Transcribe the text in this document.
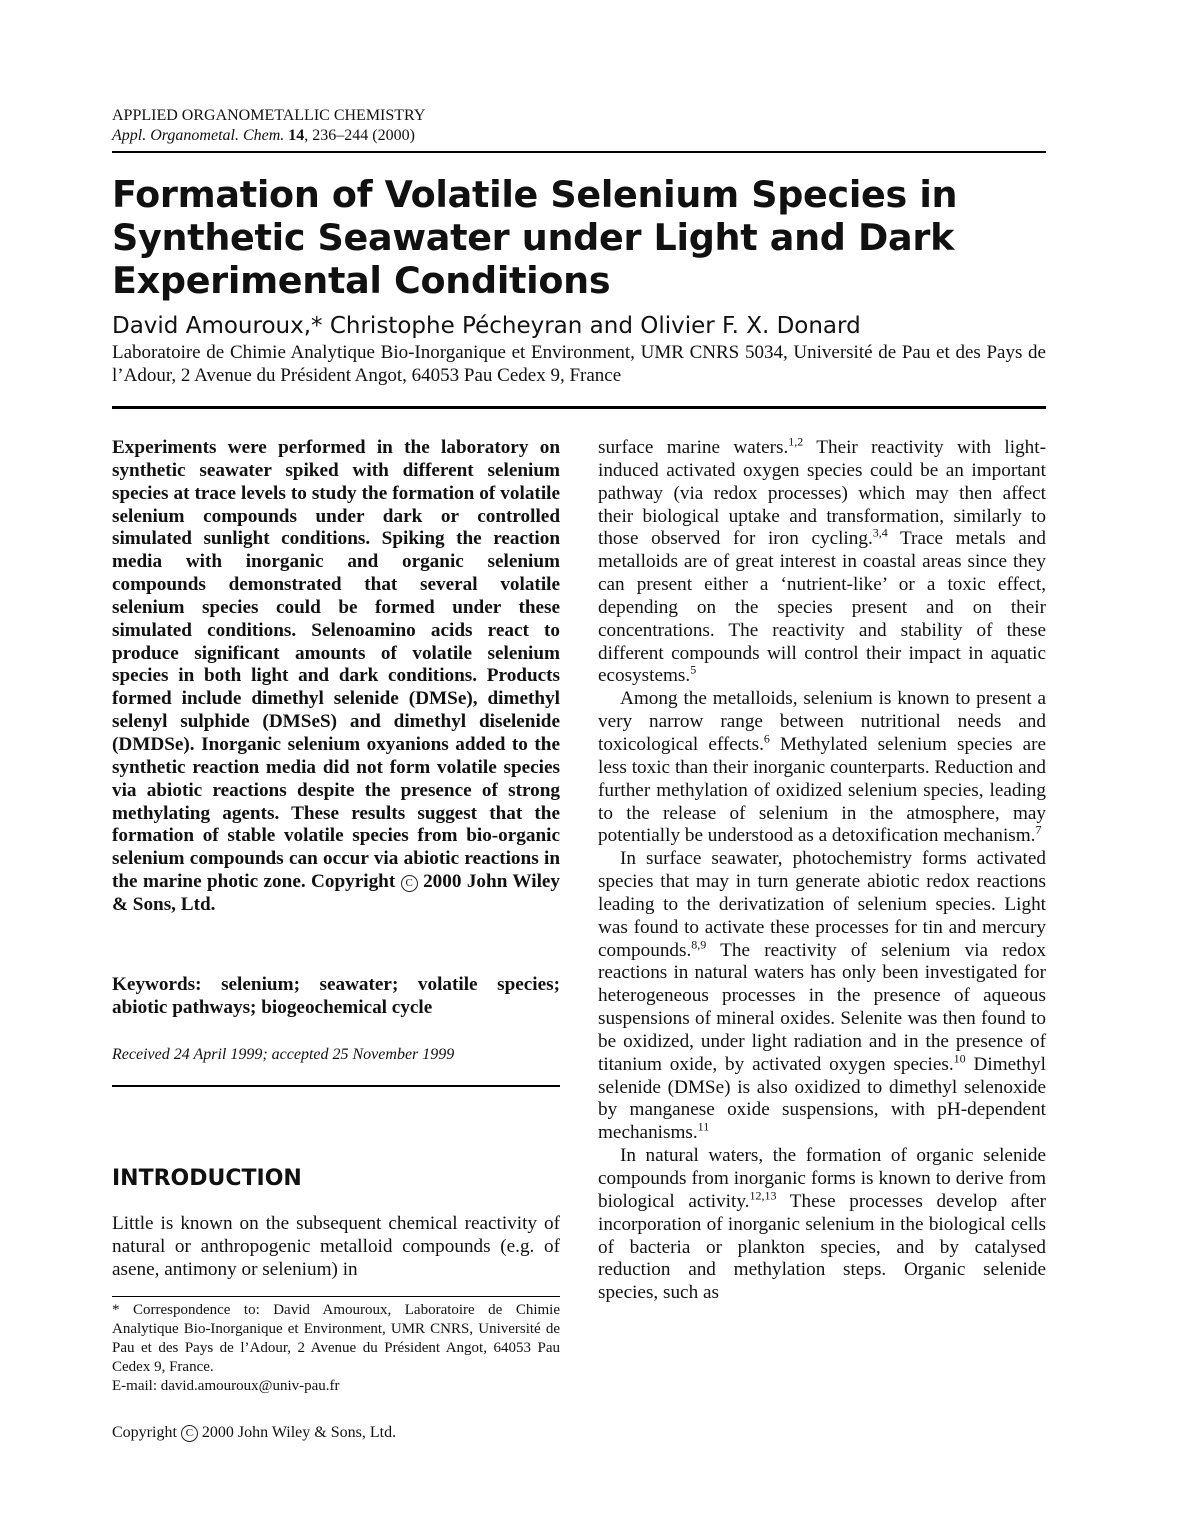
APPLIED ORGANOMETALLIC CHEMISTRY
Appl. Organometal. Chem. 14, 236–244 (2000)
Formation of Volatile Selenium Species in Synthetic Seawater under Light and Dark Experimental Conditions
David Amouroux,* Christophe Pécheyran and Olivier F. X. Donard
Laboratoire de Chimie Analytique Bio-Inorganique et Environment, UMR CNRS 5034, Université de Pau et des Pays de l’Adour, 2 Avenue du Président Angot, 64053 Pau Cedex 9, France
Experiments were performed in the laboratory on synthetic seawater spiked with different selenium species at trace levels to study the formation of volatile selenium compounds under dark or controlled simulated sunlight conditions. Spiking the reaction media with inorganic and organic selenium compounds demonstrated that several volatile selenium species could be formed under these simulated conditions. Selenoamino acids react to produce significant amounts of volatile selenium species in both light and dark conditions. Products formed include dimethyl selenide (DMSe), dimethyl selenyl sulphide (DMSeS) and dimethyl diselenide (DMDSe). Inorganic selenium oxyanions added to the synthetic reaction media did not form volatile species via abiotic reactions despite the presence of strong methylating agents. These results suggest that the formation of stable volatile species from bio-organic selenium compounds can occur via abiotic reactions in the marine photic zone. Copyright C 2000 John Wiley & Sons, Ltd.
Keywords: selenium; seawater; volatile species; abiotic pathways; biogeochemical cycle
Received 24 April 1999; accepted 25 November 1999
INTRODUCTION
Little is known on the subsequent chemical reactivity of natural or anthropogenic metalloid compounds (e.g. of asene, antimony or selenium) in
* Correspondence to: David Amouroux, Laboratoire de Chimie Analytique Bio-Inorganique et Environment, UMR CNRS, Université de Pau et des Pays de l’Adour, 2 Avenue du Président Angot, 64053 Pau Cedex 9, France.
E-mail: david.amouroux@univ-pau.fr
Copyright C 2000 John Wiley & Sons, Ltd.

surface marine waters.$^{1,2}$ Their reactivity with light-induced activated oxygen species could be an important pathway (via redox processes) which may then affect their biological uptake and transformation, similarly to those observed for iron cycling.$^{3,4}$ Trace metals and metalloids are of great interest in coastal areas since they can present either a ‘nutrient-like’ or a toxic effect, depending on the species present and on their concentrations. The reactivity and stability of these different compounds will control their impact in aquatic ecosystems.$^5$

Among the metalloids, selenium is known to present a very narrow range between nutritional needs and toxicological effects.$^6$ Methylated selenium species are less toxic than their inorganic counterparts. Reduction and further methylation of oxidized selenium species, leading to the release of selenium in the atmosphere, may potentially be understood as a detoxification mechanism.$^7$

In surface seawater, photochemistry forms activated species that may in turn generate abiotic redox reactions leading to the derivatization of selenium species. Light was found to activate these processes for tin and mercury compounds.$^{8,9}$ The reactivity of selenium via redox reactions in natural waters has only been investigated for heterogeneous processes in the presence of aqueous suspensions of mineral oxides. Selenite was then found to be oxidized, under light radiation and in the presence of titanium oxide, by activated oxygen species.$^{10}$ Dimethyl selenide (DMSe) is also oxidized to dimethyl selenoxide by manganese oxide suspensions, with pH-dependent mechanisms.$^{11}$

In natural waters, the formation of organic selenide compounds from inorganic forms is known to derive from biological activity.$^{12,13}$ These processes develop after incorporation of inorganic selenium in the biological cells of bacteria or plankton species, and by catalysed reduction and methylation steps. Organic selenide species, such as
